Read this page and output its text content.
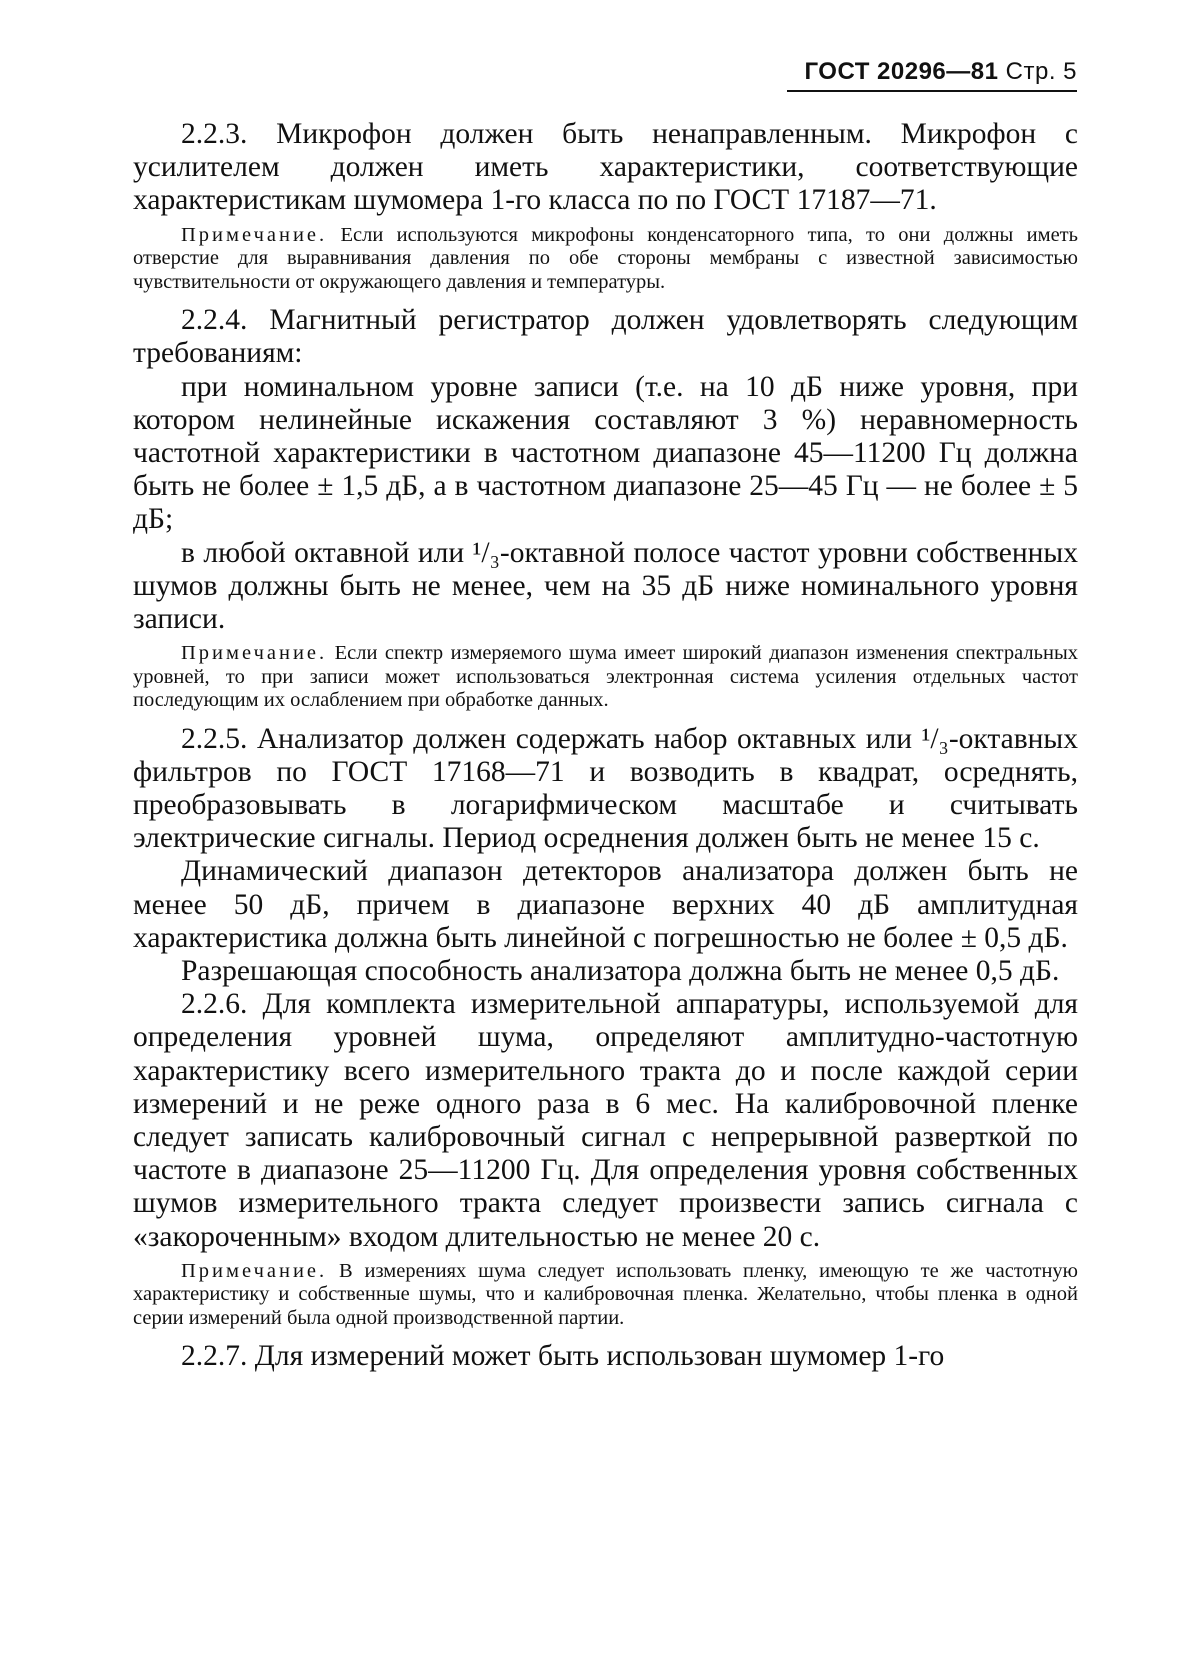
ГОСТ 20296—81 Стр. 5

2.2.3. Микрофон должен быть ненаправленным. Микрофон с усилителем должен иметь характеристики, соответствующие характеристикам шумомера 1-го класса по по ГОСТ 17187—71.

Примечание. Если используются микрофоны конденсаторного типа, то они должны иметь отверстие для выравнивания давления по обе стороны мембраны с известной зависимостью чувствительности от окружающего давления и температуры.

2.2.4. Магнитный регистратор должен удовлетворять следующим требованиям:

при номинальном уровне записи (т.е. на 10 дБ ниже уровня, при котором нелинейные искажения составляют 3 %) неравномерность частотной характеристики в частотном диапазоне 45—11200 Гц должна быть не более ± 1,5 дБ, а в частотном диапазоне 25—45 Гц — не более ± 5 дБ;

в любой октавной или ¹/₃-октавной полосе частот уровни собственных шумов должны быть не менее, чем на 35 дБ ниже номинального уровня записи.

Примечание. Если спектр измеряемого шума имеет широкий диапазон изменения спектральных уровней, то при записи может использоваться электронная система усиления отдельных частот последующим их ослаблением при обработке данных.

2.2.5. Анализатор должен содержать набор октавных или ¹/₃-октавных фильтров по ГОСТ 17168—71 и возводить в квадрат, осреднять, преобразовывать в логарифмическом масштабе и считывать электрические сигналы. Период осреднения должен быть не менее 15 с.

Динамический диапазон детекторов анализатора должен быть не менее 50 дБ, причем в диапазоне верхних 40 дБ амплитудная характеристика должна быть линейной с погрешностью не более ± 0,5 дБ.

Разрешающая способность анализатора должна быть не менее 0,5 дБ.

2.2.6. Для комплекта измерительной аппаратуры, используемой для определения уровней шума, определяют амплитудно-частотную характеристику всего измерительного тракта до и после каждой серии измерений и не реже одного раза в 6 мес. На калибровочной пленке следует записать калибровочный сигнал с непрерывной разверткой по частоте в диапазоне 25—11200 Гц. Для определения уровня собственных шумов измерительного тракта следует произвести запись сигнала с «закороченным» входом длительностью не менее 20 с.

Примечание. В измерениях шума следует использовать пленку, имеющую те же частотную характеристику и собственные шумы, что и калибровочная пленка. Желательно, чтобы пленка в одной серии измерений была одной производственной партии.

2.2.7. Для измерений может быть использован шумомер 1-го
